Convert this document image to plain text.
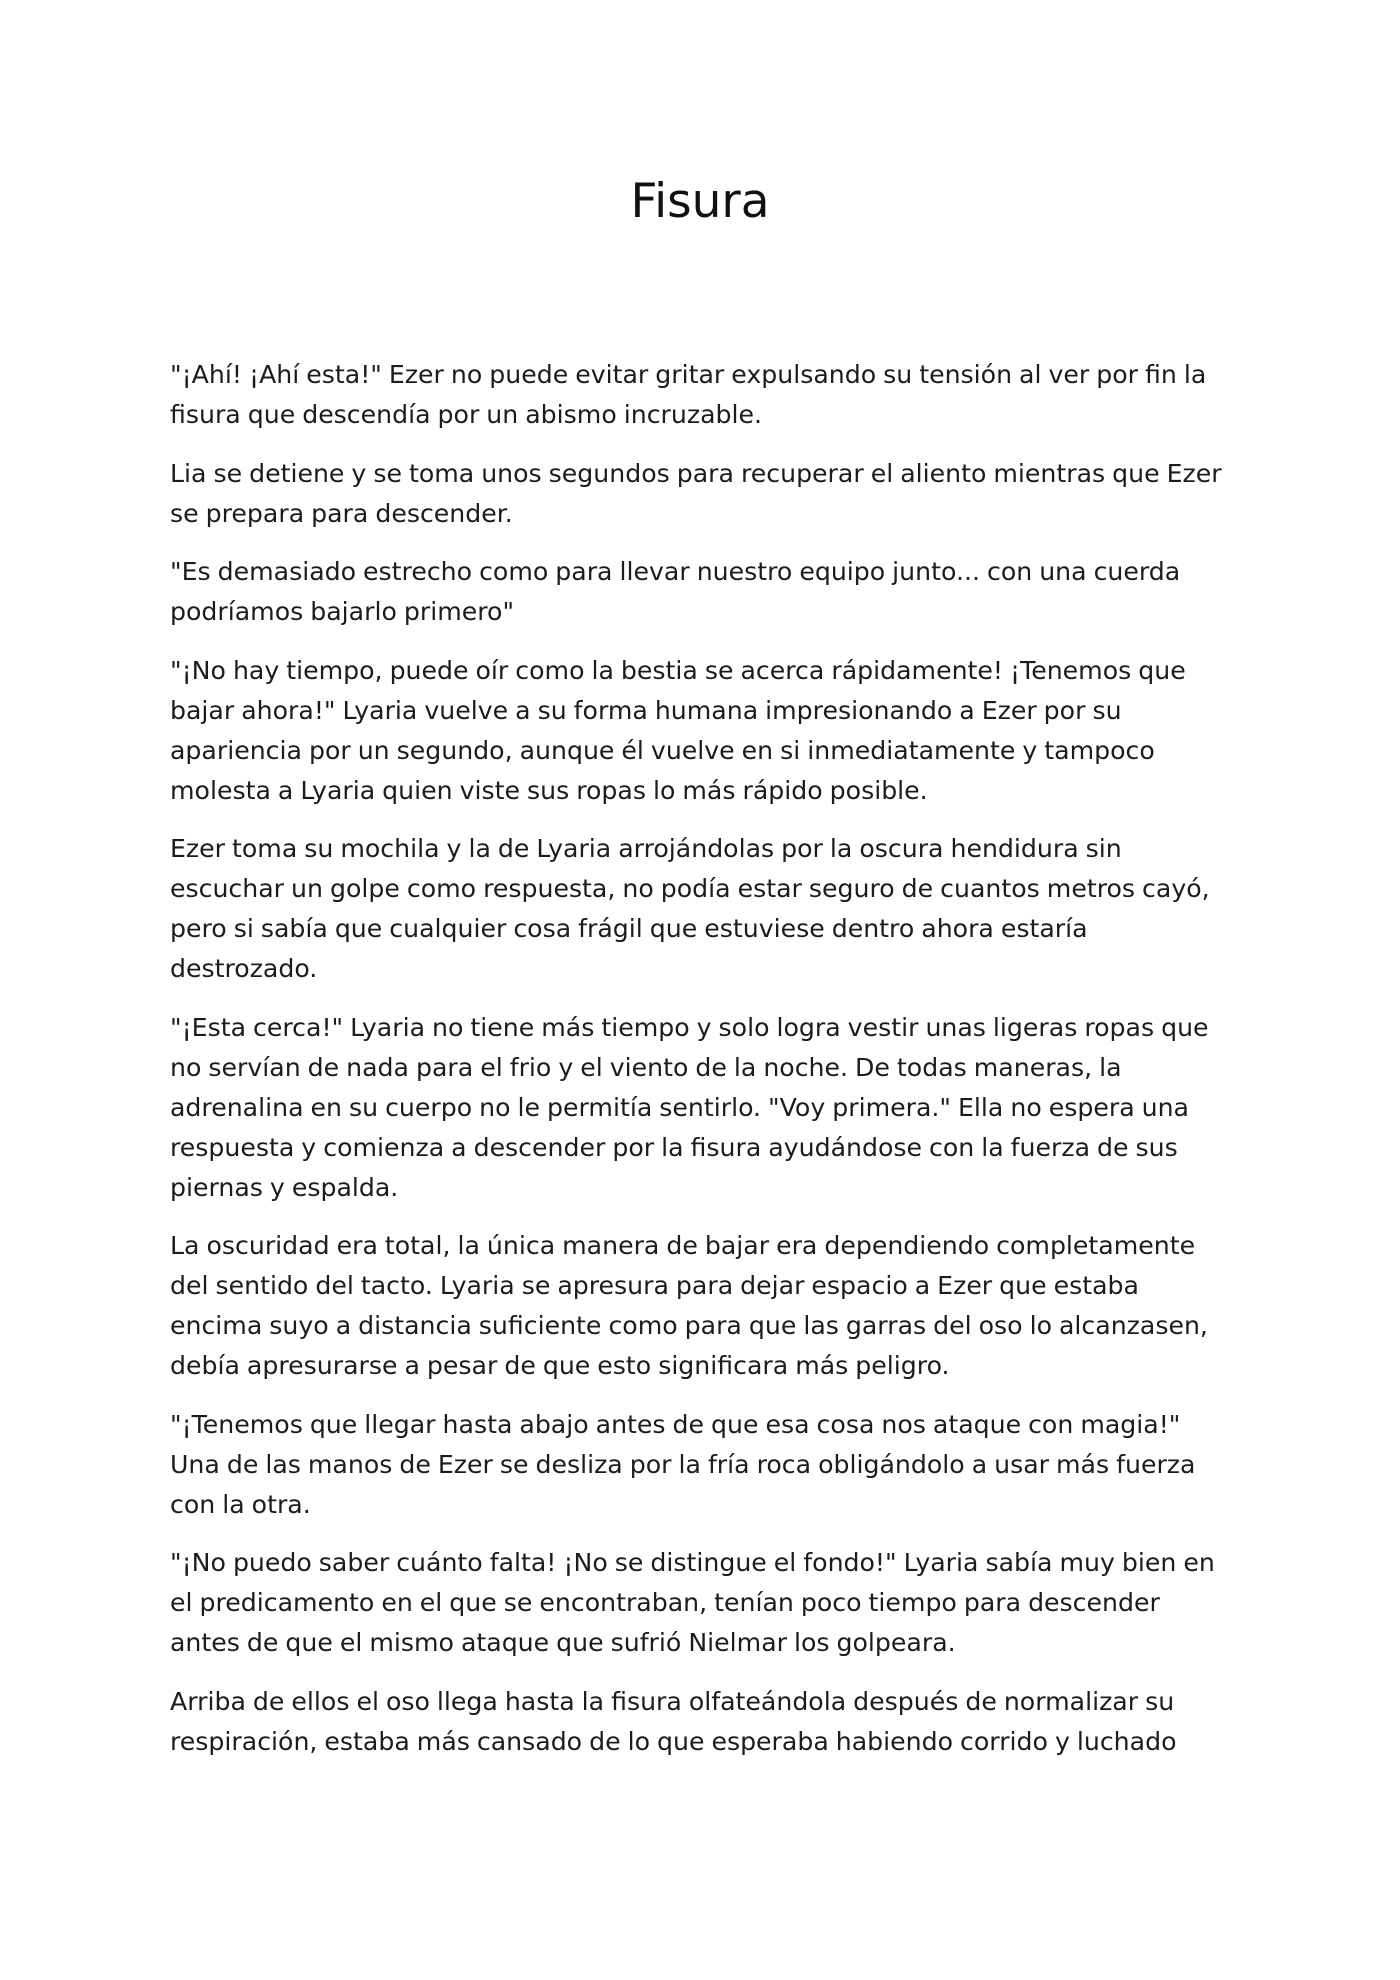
Fisura

"¡Ahí! ¡Ahí esta!" Ezer no puede evitar gritar expulsando su tensión al ver por fin la fisura que descendía por un abismo incruzable.

Lia se detiene y se toma unos segundos para recuperar el aliento mientras que Ezer se prepara para descender.

"Es demasiado estrecho como para llevar nuestro equipo junto... con una cuerda podríamos bajarlo primero"

"¡No hay tiempo, puede oír como la bestia se acerca rápidamente! ¡Tenemos que bajar ahora!" Lyaria vuelve a su forma humana impresionando a Ezer por su apariencia por un segundo, aunque él vuelve en si inmediatamente y tampoco molesta a Lyaria quien viste sus ropas lo más rápido posible.

Ezer toma su mochila y la de Lyaria arrojándolas por la oscura hendidura sin escuchar un golpe como respuesta, no podía estar seguro de cuantos metros cayó, pero si sabía que cualquier cosa frágil que estuviese dentro ahora estaría destrozado.

"¡Esta cerca!" Lyaria no tiene más tiempo y solo logra vestir unas ligeras ropas que no servían de nada para el frio y el viento de la noche. De todas maneras, la adrenalina en su cuerpo no le permitía sentirlo. "Voy primera." Ella no espera una respuesta y comienza a descender por la fisura ayudándose con la fuerza de sus piernas y espalda.

La oscuridad era total, la única manera de bajar era dependiendo completamente del sentido del tacto. Lyaria se apresura para dejar espacio a Ezer que estaba encima suyo a distancia suficiente como para que las garras del oso lo alcanzasen, debía apresurarse a pesar de que esto significara más peligro.

"¡Tenemos que llegar hasta abajo antes de que esa cosa nos ataque con magia!" Una de las manos de Ezer se desliza por la fría roca obligándolo a usar más fuerza con la otra.

"¡No puedo saber cuánto falta! ¡No se distingue el fondo!" Lyaria sabía muy bien en el predicamento en el que se encontraban, tenían poco tiempo para descender antes de que el mismo ataque que sufrió Nielmar los golpeara.

Arriba de ellos el oso llega hasta la fisura olfateándola después de normalizar su respiración, estaba más cansado de lo que esperaba habiendo corrido y luchado
